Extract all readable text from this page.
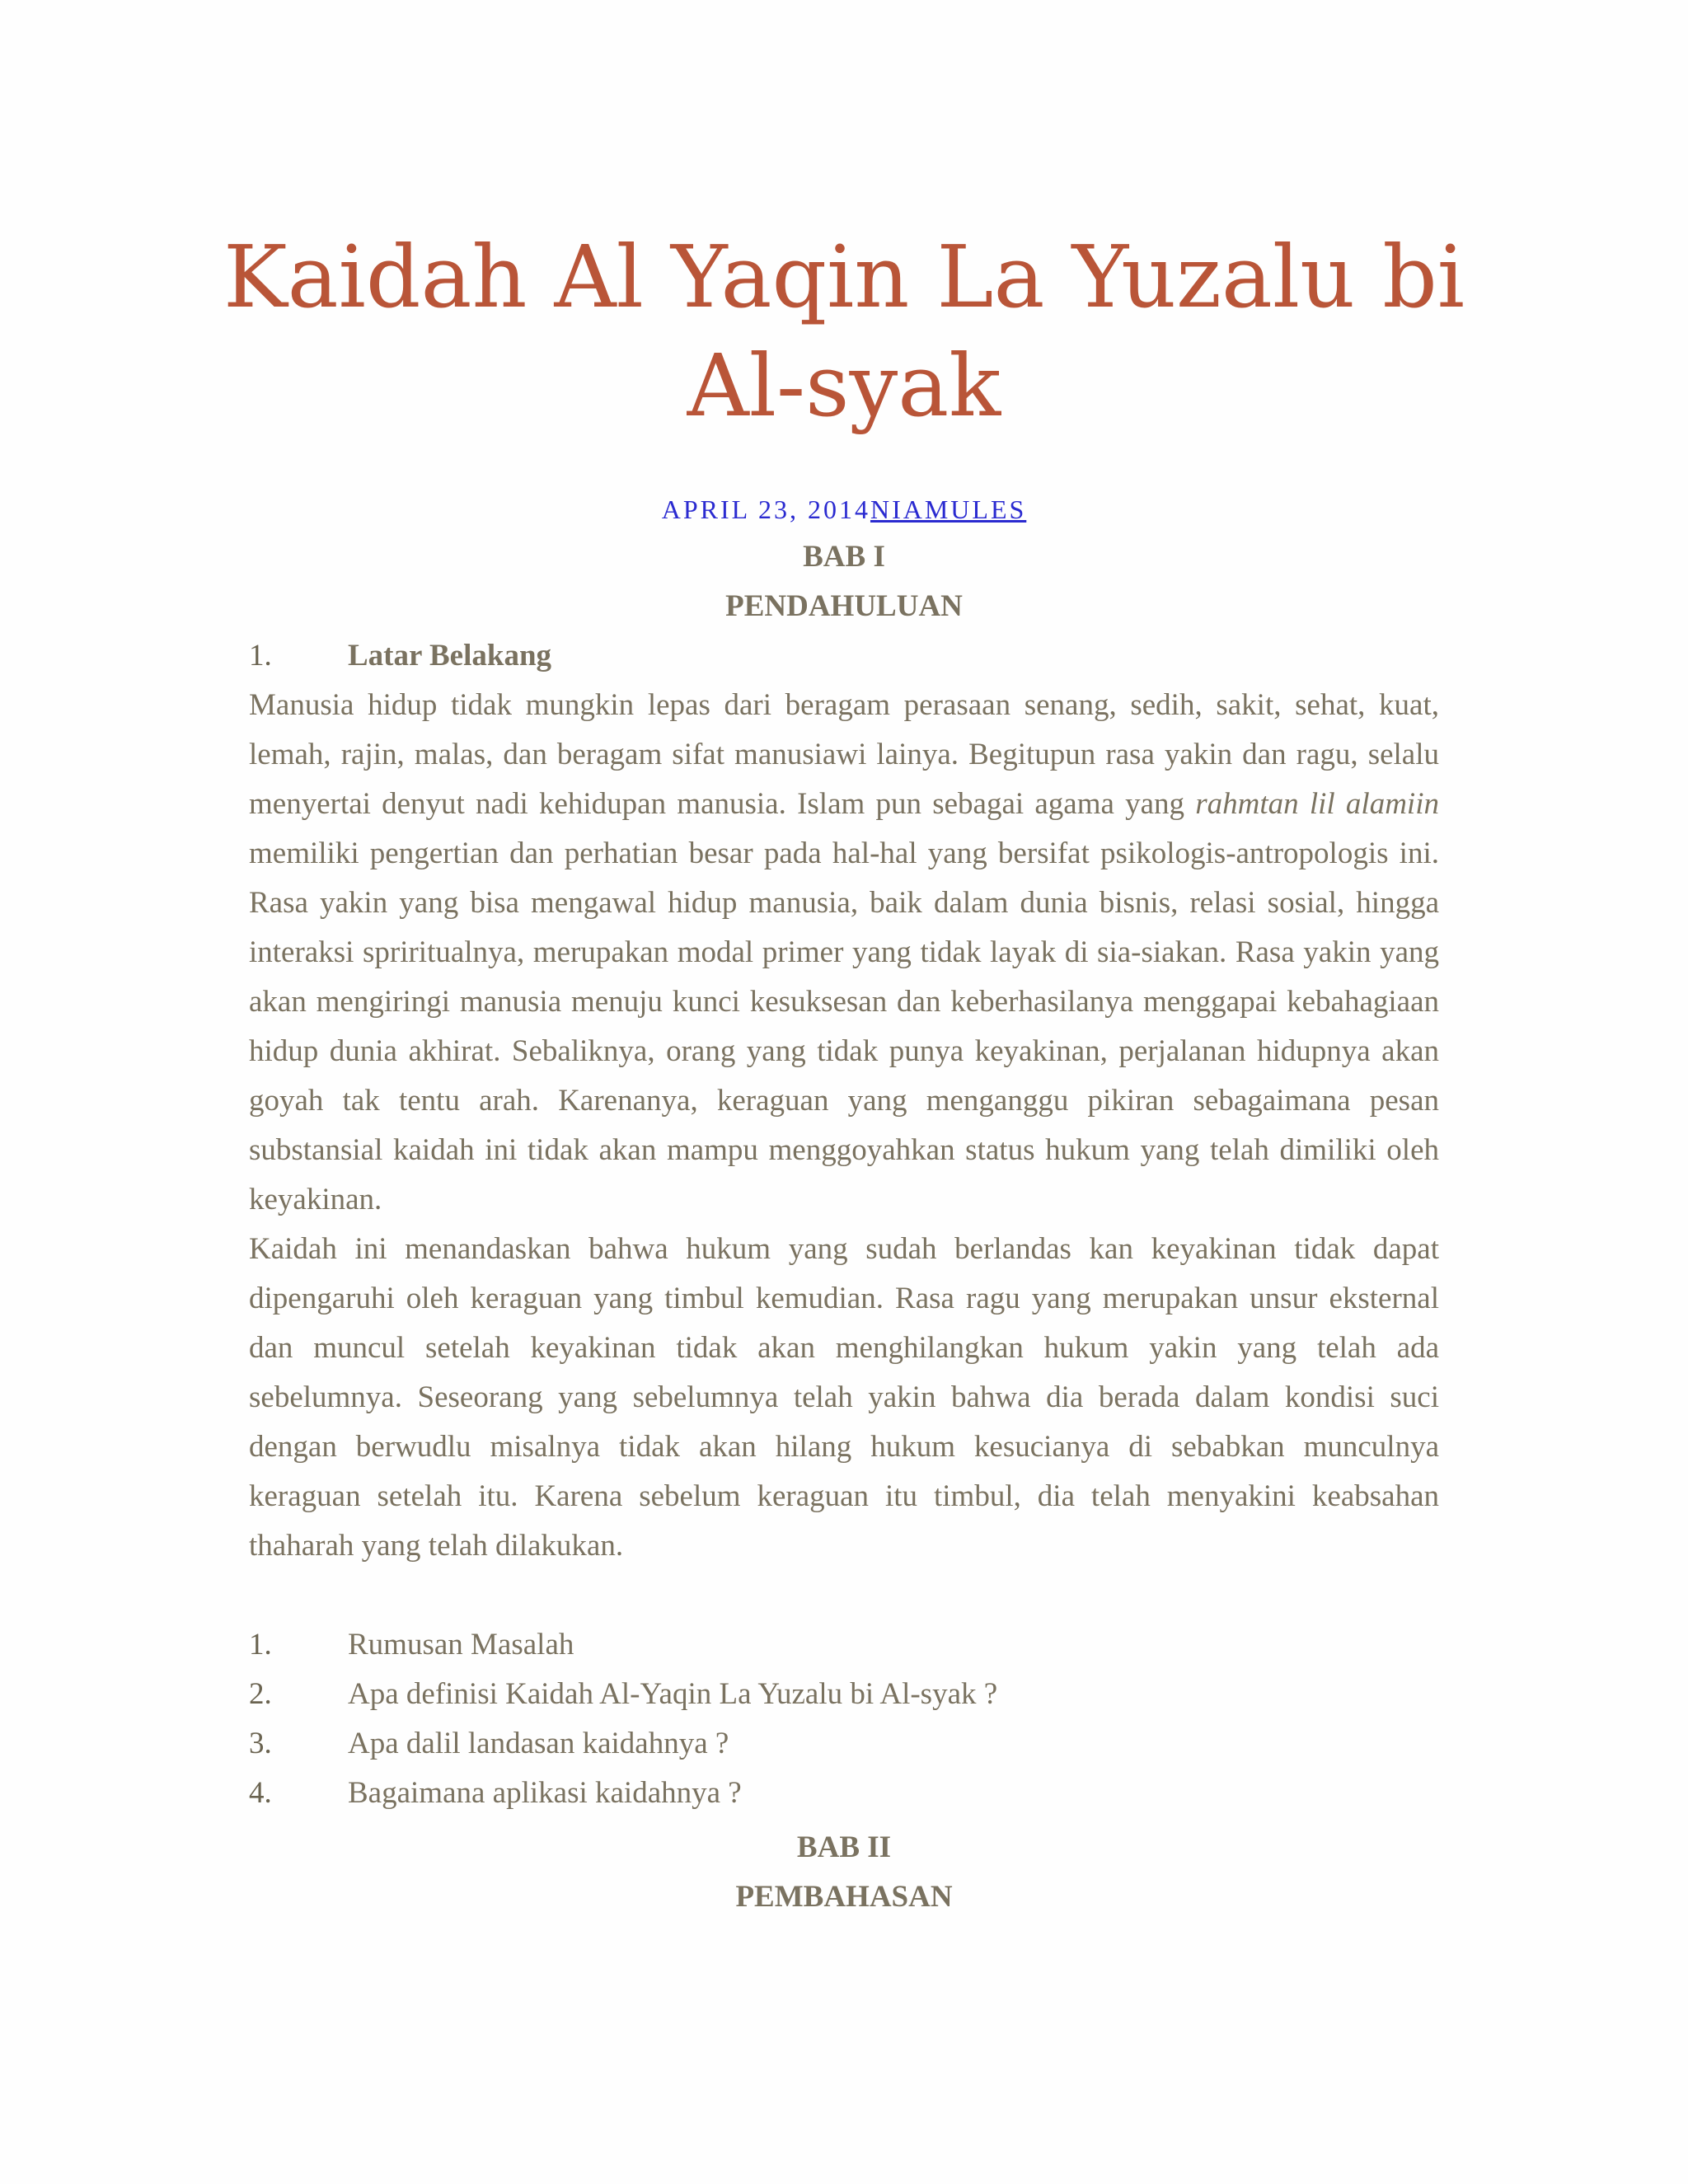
Kaidah Al Yaqin La Yuzalu bi Al-syak
APRIL 23, 2014NIAMULES
BAB I
PENDAHULUAN
1. Latar Belakang

Manusia hidup tidak mungkin lepas dari beragam perasaan senang, sedih, sakit, sehat, kuat, lemah, rajin, malas, dan beragam sifat manusiawi lainya. Begitupun rasa yakin dan ragu, selalu menyertai denyut nadi kehidupan manusia. Islam pun sebagai agama yang rahmtan lil alamiin memiliki pengertian dan perhatian besar pada hal-hal yang bersifat psikologis-antropologis ini. Rasa yakin yang bisa mengawal hidup manusia, baik dalam dunia bisnis, relasi sosial, hingga interaksi spriritualnya, merupakan modal primer yang tidak layak di sia-siakan. Rasa yakin yang akan mengiringi manusia menuju kunci kesuksesan dan keberhasilanya menggapai kebahagiaan hidup dunia akhirat. Sebaliknya, orang yang tidak punya keyakinan, perjalanan hidupnya akan goyah tak tentu arah. Karenanya, keraguan yang menganggu pikiran sebagaimana pesan substansial kaidah ini tidak akan mampu menggoyahkan status hukum yang telah dimiliki oleh keyakinan.

Kaidah ini menandaskan bahwa hukum yang sudah berlandas kan keyakinan tidak dapat dipengaruhi oleh keraguan yang timbul kemudian. Rasa ragu yang merupakan unsur eksternal dan muncul setelah keyakinan tidak akan menghilangkan hukum yakin yang telah ada sebelumnya. Seseorang yang sebelumnya telah yakin bahwa dia berada dalam kondisi suci dengan berwudlu misalnya tidak akan hilang hukum kesucianya di sebabkan munculnya keraguan setelah itu. Karena sebelum keraguan itu timbul, dia telah menyakini keabsahan thaharah yang telah dilakukan.

1. Rumusan Masalah
2. Apa definisi Kaidah Al-Yaqin La Yuzalu bi Al-syak ?
3. Apa dalil landasan kaidahnya ?
4. Bagaimana aplikasi kaidahnya ?
BAB II
PEMBAHASAN
